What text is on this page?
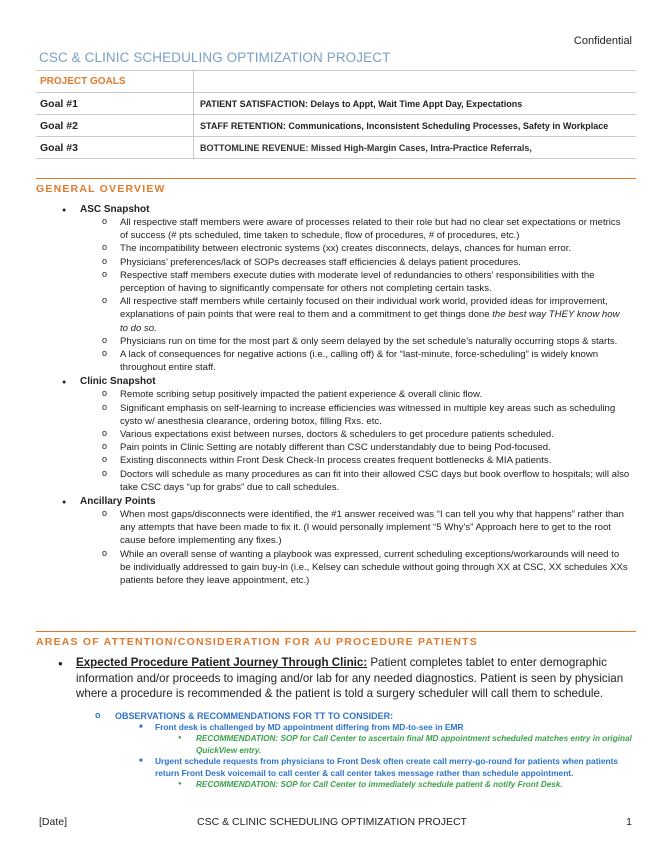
Confidential
CSC & CLINIC SCHEDULING OPTIMIZATION PROJECT
PROJECT GOALS
Goal #1	PATIENT SATISFACTION: Delays to Appt, Wait Time Appt Day, Expectations
Goal #2	STAFF RETENTION: Communications, Inconsistent Scheduling Processes, Safety in Workplace
Goal #3	BOTTOMLINE REVENUE: Missed High-Margin Cases, Intra-Practice Referrals,
GENERAL OVERVIEW
● ASC Snapshot
o All respective staff members were aware of processes related to their role but had no clear set expectations or metrics of success (# pts scheduled, time taken to schedule, flow of procedures, # of procedures, etc.)
o The incompatibility between electronic systems (xx) creates disconnects, delays, chances for human error.
o Physicians’ preferences/lack of SOPs decreases staff efficiencies & delays patient procedures.
o Respective staff members execute duties with moderate level of redundancies to others’ responsibilities with the perception of having to significantly compensate for others not completing certain tasks.
o All respective staff members while certainly focused on their individual work world, provided ideas for improvement, explanations of pain points that were real to them and a commitment to get things done the best way THEY know how to do so.
o Physicians run on time for the most part & only seem delayed by the set schedule’s naturally occurring stops & starts.
o A lack of consequences for negative actions (i.e., calling off) & for “last-minute, force-scheduling” is widely known throughout entire staff.
● Clinic Snapshot
o Remote scribing setup positively impacted the patient experience & overall clinic flow.
o Significant emphasis on self-learning to increase efficiencies was witnessed in multiple key areas such as scheduling cysto w/ anesthesia clearance, ordering botox, filling Rxs. etc.
o Various expectations exist between nurses, doctors & schedulers to get procedure patients scheduled.
o Pain points in Clinic Setting are notably different than CSC understandably due to being Pod-focused.
o Existing disconnects within Front Desk Check-In process creates frequent bottlenecks & MIA patients.
o Doctors will schedule as many procedures as can fit into their allowed CSC days but book overflow to hospitals; will also take CSC days “up for grabs” due to call schedules.
● Ancillary Points
o When most gaps/disconnects were identified, the #1 answer received was “I can tell you why that happens” rather than any attempts that have been made to fix it. (I would personally implement “5 Why’s” Approach here to get to the root cause before implementing any fixes.)
o While an overall sense of wanting a playbook was expressed, current scheduling exceptions/workarounds will need to be individually addressed to gain buy-in (i.e., Kelsey can schedule without going through XX at CSC, XX schedules XXs patients before they leave appointment, etc.)
AREAS OF ATTENTION/CONSIDERATION FOR AU PROCEDURE PATIENTS
● Expected Procedure Patient Journey Through Clinic: Patient completes tablet to enter demographic information and/or proceeds to imaging and/or lab for any needed diagnostics. Patient is seen by physician where a procedure is recommended & the patient is told a surgery scheduler will call them to schedule.
o OBSERVATIONS & RECOMMENDATIONS FOR TT TO CONSIDER:
■ Front desk is challenged by MD appointment differing from MD-to-see in EMR
● RECOMMENDATION: SOP for Call Center to ascertain final MD appointment scheduled matches entry in original QuickView entry.
■ Urgent schedule requests from physicians to Front Desk often create call merry-go-round for patients when patients return Front Desk voicemail to call center & call center takes message rather than schedule appointment.
● RECOMMENDATION: SOP for Call Center to immediately schedule patient & notify Front Desk.
[Date]	CSC & CLINIC SCHEDULING OPTIMIZATION PROJECT	1
